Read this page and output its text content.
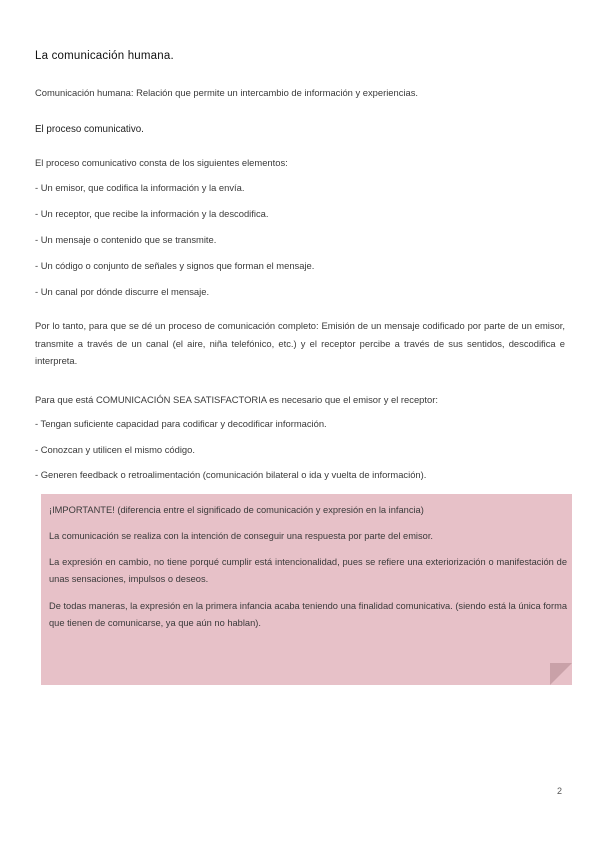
La comunicación humana.
Comunicación humana: Relación que permite un intercambio de información y experiencias.
El proceso comunicativo.
El proceso comunicativo consta de los siguientes elementos:
- Un emisor, que codifica la información y la envía.
- Un receptor, que recibe la información y la descodifica.
- Un mensaje o contenido que se transmite.
- Un código o conjunto de señales y signos que forman el mensaje.
- Un canal por dónde discurre el mensaje.
Por lo tanto, para que se dé un proceso de comunicación completo: Emisión de un mensaje codificado por parte de un emisor, transmite a través de un canal (el aire, niña telefónico, etc.) y el receptor percibe a través de sus sentidos, descodifica e interpreta.
Para que está COMUNICACIÓN SEA SATISFACTORIA es necesario que el emisor y el receptor:
- Tengan suficiente capacidad para codificar y decodificar información.
- Conozcan y utilicen el mismo código.
- Generen feedback o retroalimentación (comunicación bilateral o ida y vuelta de información).
¡IMPORTANTE! (diferencia entre el significado de comunicación y expresión en la infancia)
La comunicación se realiza con la intención de conseguir una respuesta por parte del emisor.
La expresión en cambio, no tiene porqué cumplir está intencionalidad, pues se refiere una exteriorización o manifestación de unas sensaciones, impulsos o deseos.
De todas maneras, la expresión en la primera infancia acaba teniendo una finalidad comunicativa. (siendo está la única forma que tienen de comunicarse, ya que aún no hablan).
2
